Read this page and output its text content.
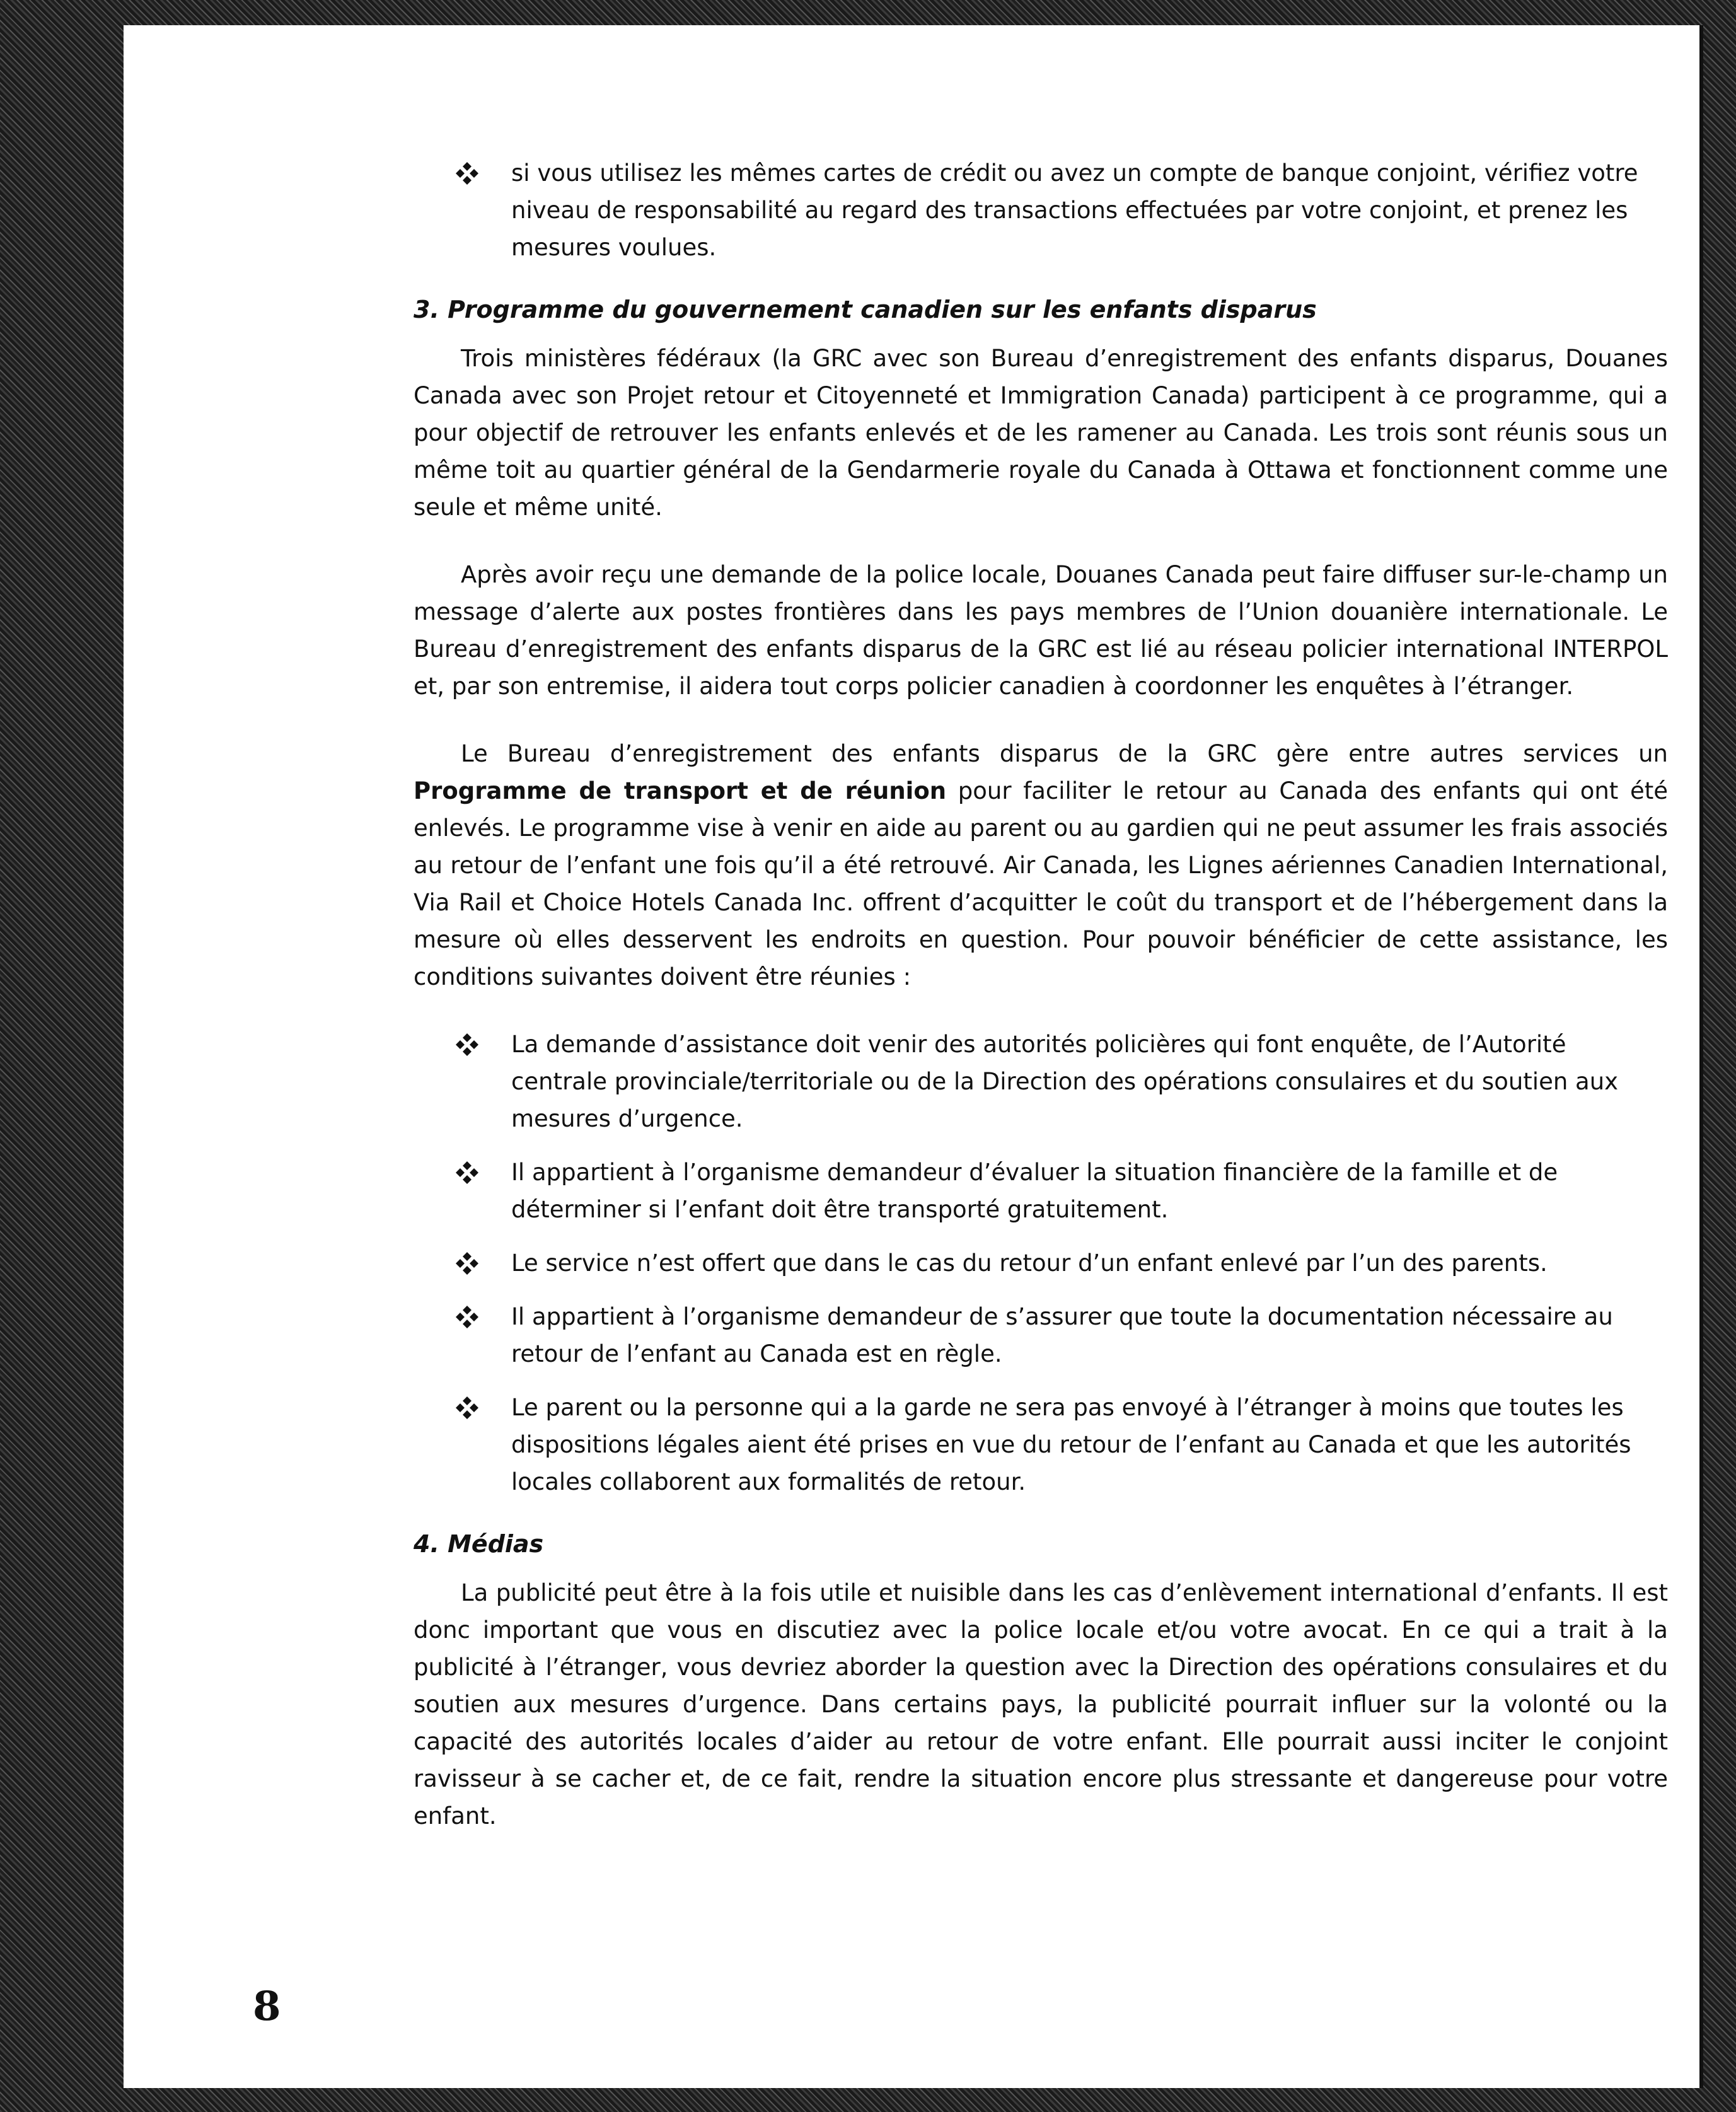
si vous utilisez les mêmes cartes de crédit ou avez un compte de banque conjoint, vérifiez votre niveau de responsabilité au regard des transactions effectuées par votre conjoint, et prenez les mesures voulues.
3. Programme du gouvernement canadien sur les enfants disparus

Trois ministères fédéraux (la GRC avec son Bureau d’enregistrement des enfants disparus, Douanes Canada avec son Projet retour et Citoyenneté et Immigration Canada) participent à ce programme, qui a pour objectif de retrouver les enfants enlevés et de les ramener au Canada. Les trois sont réunis sous un même toit au quartier général de la Gendarmerie royale du Canada à Ottawa et fonctionnent comme une seule et même unité.

Après avoir reçu une demande de la police locale, Douanes Canada peut faire diffuser sur-le-champ un message d’alerte aux postes frontières dans les pays membres de l’Union douanière internationale. Le Bureau d’enregistrement des enfants disparus de la GRC est lié au réseau policier international INTERPOL et, par son entremise, il aidera tout corps policier canadien à coordonner les enquêtes à l’étranger.

Le Bureau d’enregistrement des enfants disparus de la GRC gère entre autres services un Programme de transport et de réunion pour faciliter le retour au Canada des enfants qui ont été enlevés. Le programme vise à venir en aide au parent ou au gardien qui ne peut assumer les frais associés au retour de l’enfant une fois qu’il a été retrouvé. Air Canada, les Lignes aériennes Canadien International, Via Rail et Choice Hotels Canada Inc. offrent d’acquitter le coût du transport et de l’hébergement dans la mesure où elles desservent les endroits en question. Pour pouvoir bénéficier de cette assistance, les conditions suivantes doivent être réunies :

La demande d’assistance doit venir des autorités policières qui font enquête, de l’Autorité centrale provinciale/territoriale ou de la Direction des opérations consulaires et du soutien aux mesures d’urgence.
Il appartient à l’organisme demandeur d’évaluer la situation financière de la famille et de déterminer si l’enfant doit être transporté gratuitement.
Le service n’est offert que dans le cas du retour d’un enfant enlevé par l’un des parents.
Il appartient à l’organisme demandeur de s’assurer que toute la documentation nécessaire au retour de l’enfant au Canada est en règle.
Le parent ou la personne qui a la garde ne sera pas envoyé à l’étranger à moins que toutes les dispositions légales aient été prises en vue du retour de l’enfant au Canada et que les autorités locales collaborent aux formalités de retour.
4. Médias

La publicité peut être à la fois utile et nuisible dans les cas d’enlèvement international d’enfants. Il est donc important que vous en discutiez avec la police locale et/ou votre avocat. En ce qui a trait à la publicité à l’étranger, vous devriez aborder la question avec la Direction des opérations consulaires et du soutien aux mesures d’urgence. Dans certains pays, la publicité pourrait influer sur la volonté ou la capacité des autorités locales d’aider au retour de votre enfant. Elle pourrait aussi inciter le conjoint ravisseur à se cacher et, de ce fait, rendre la situation encore plus stressante et dangereuse pour votre enfant.

8
